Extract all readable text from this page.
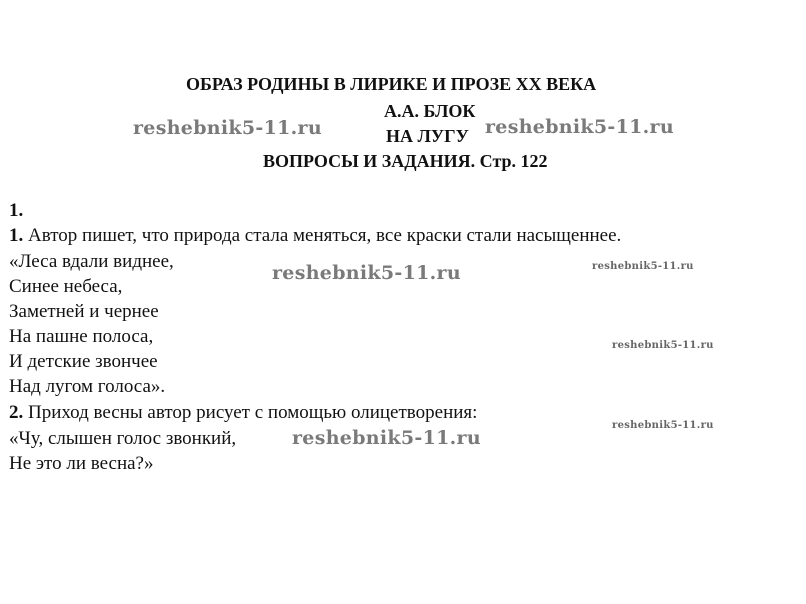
ОБРАЗ РОДИНЫ В ЛИРИКЕ И ПРОЗЕ XX ВЕКА
А.А. БЛОК
НА ЛУГУ
ВОПРОСЫ И ЗАДАНИЯ. Стр. 122
1.
1. Автор пишет, что природа стала меняться, все краски стали насыщеннее.
«Леса вдали виднее,
Синее небеса,
Заметней и чернее
На пашне полоса,
И детские звончее
Над лугом голоса».
2. Приход весны автор рисует с помощью олицетворения:
«Чу, слышен голос звонкий,
Не это ли весна?»
reshebnik5-11.ru	reshebnik5-11.ru
reshebnik5-11.ru
reshebnik5-11.ru
reshebnik5-11.ru
reshebnik5-11.ru
reshebnik5-11.ru
